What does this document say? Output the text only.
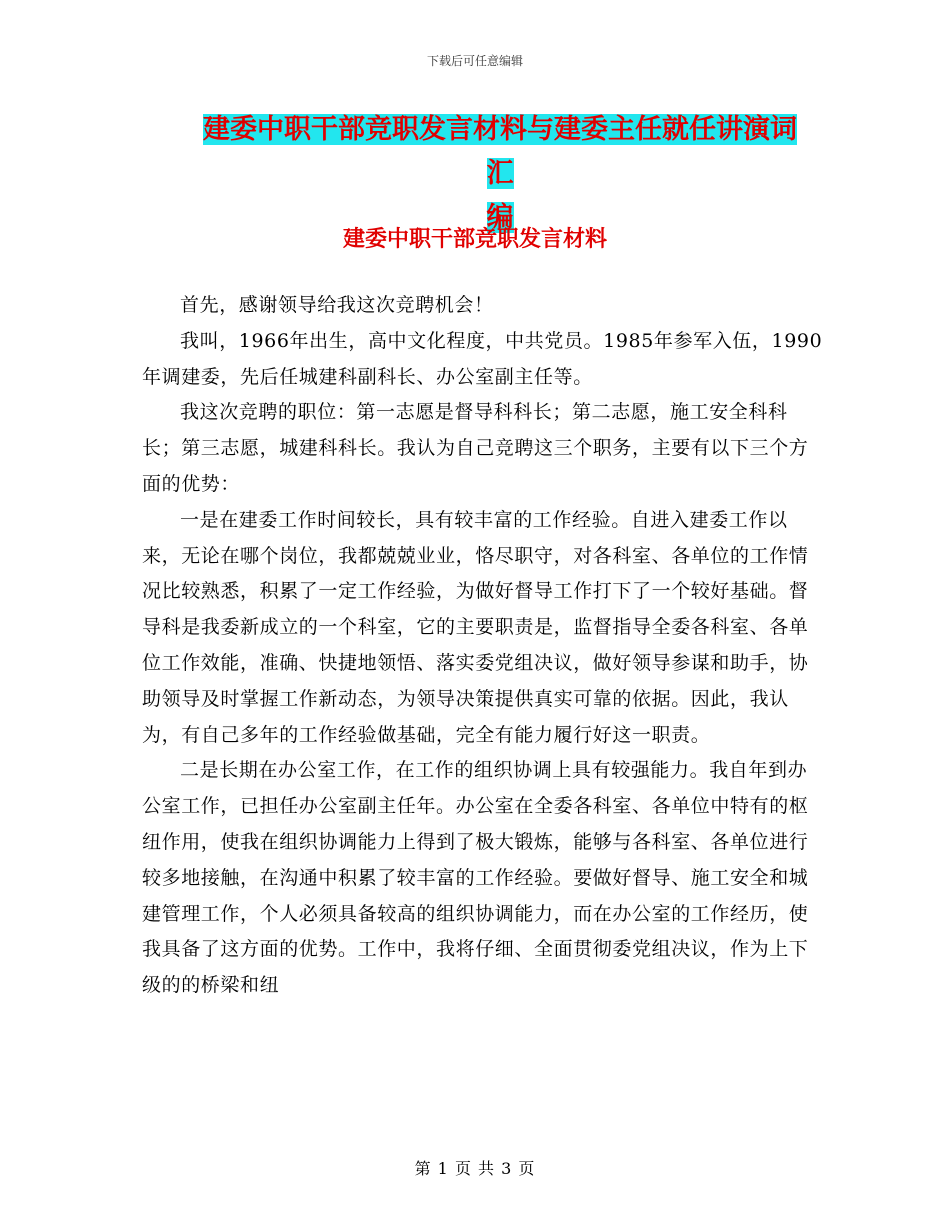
下载后可任意编辑
建委中职干部竞职发言材料与建委主任就任讲演词汇
编
建委中职干部竞职发言材料

首先，感谢领导给我这次竞聘机会！

我叫，1966年出生，高中文化程度，中共党员。1985年参军入伍，1990年调建委，先后任城建科副科长、办公室副主任等。

我这次竞聘的职位：第一志愿是督导科科长；第二志愿，施工安全科科长；第三志愿，城建科科长。我认为自己竞聘这三个职务，主要有以下三个方面的优势：

一是在建委工作时间较长，具有较丰富的工作经验。自进入建委工作以来，无论在哪个岗位，我都兢兢业业，恪尽职守，对各科室、各单位的工作情况比较熟悉，积累了一定工作经验，为做好督导工作打下了一个较好基础。督导科是我委新成立的一个科室，它的主要职责是，监督指导全委各科室、各单位工作效能，准确、快捷地领悟、落实委党组决议，做好领导参谋和助手，协助领导及时掌握工作新动态，为领导决策提供真实可靠的依据。因此，我认为，有自己多年的工作经验做基础，完全有能力履行好这一职责。

二是长期在办公室工作，在工作的组织协调上具有较强能力。我自年到办公室工作，已担任办公室副主任年。办公室在全委各科室、各单位中特有的枢纽作用，使我在组织协调能力上得到了极大锻炼，能够与各科室、各单位进行较多地接触，在沟通中积累了较丰富的工作经验。要做好督导、施工安全和城建管理工作，个人必须具备较高的组织协调能力，而在办公室的工作经历，使我具备了这方面的优势。工作中，我将仔细、全面贯彻委党组决议，作为上下级的的桥梁和纽

第 1 页 共 3 页
